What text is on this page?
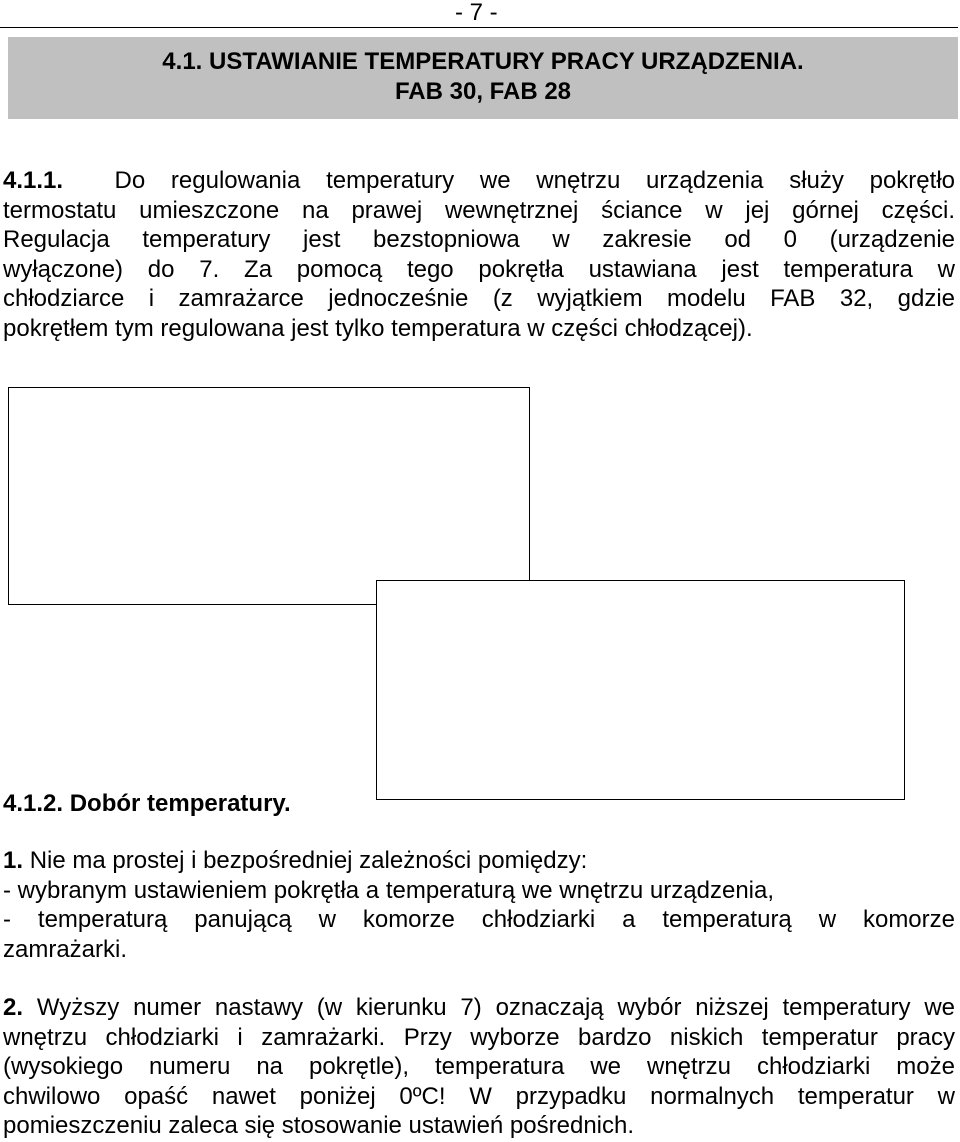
- 7 -
4.1. USTAWIANIE TEMPERATURY PRACY URZĄDZENIA.
FAB 30, FAB 28
4.1.1. Do regulowania temperatury we wnętrzu urządzenia służy pokrętło
termostatu umieszczone na prawej wewnętrznej ściance w jej górnej części.
Regulacja temperatury jest bezstopniowa w zakresie od 0 (urządzenie
wyłączone) do 7. Za pomocą tego pokrętła ustawiana jest temperatura w
chłodziarce i zamrażarce jednocześnie (z wyjątkiem modelu FAB 32, gdzie
pokrętłem tym regulowana jest tylko temperatura w części chłodzącej).
4.1.2. Dobór temperatury.
1. Nie ma prostej i bezpośredniej zależności pomiędzy:
- wybranym ustawieniem pokrętła a temperaturą we wnętrzu urządzenia,
- temperaturą panującą w komorze chłodziarki a temperaturą w komorze
zamrażarki.
2. Wyższy numer nastawy (w kierunku 7) oznaczają wybór niższej temperatury we
wnętrzu chłodziarki i zamrażarki. Przy wyborze bardzo niskich temperatur pracy
(wysokiego numeru na pokrętle), temperatura we wnętrzu chłodziarki może
chwilowo opaść nawet poniżej 0ºC! W przypadku normalnych temperatur w
pomieszczeniu zaleca się stosowanie ustawień pośrednich.
